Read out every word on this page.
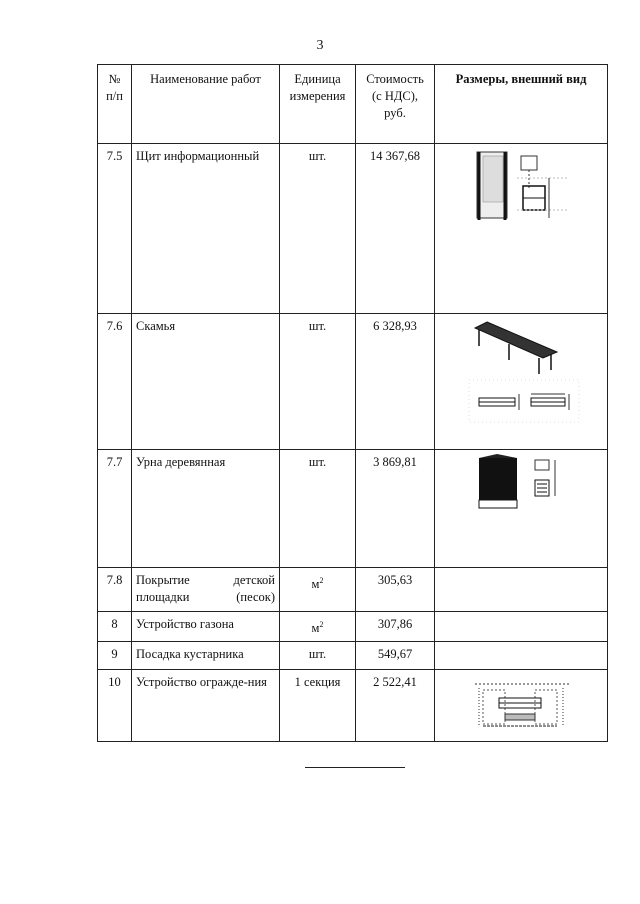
3
№ п/п	Наименование работ	Единица измерения	Стоимость (с НДС), руб.	Размеры, внешний вид
7.5	Щит информационный	шт.	14 367,68	
7.6	Скамья	шт.	6 328,93	
7.7	Урна деревянная	шт.	3 869,81	
7.8	Покрытие детской площадки (песок)	$м^2$	305,63	
8	Устройство газона	$м^2$	307,86	
9	Посадка кустарника	шт.	549,67	
10	Устройство огражде-ния	1 секция	2 522,41	
